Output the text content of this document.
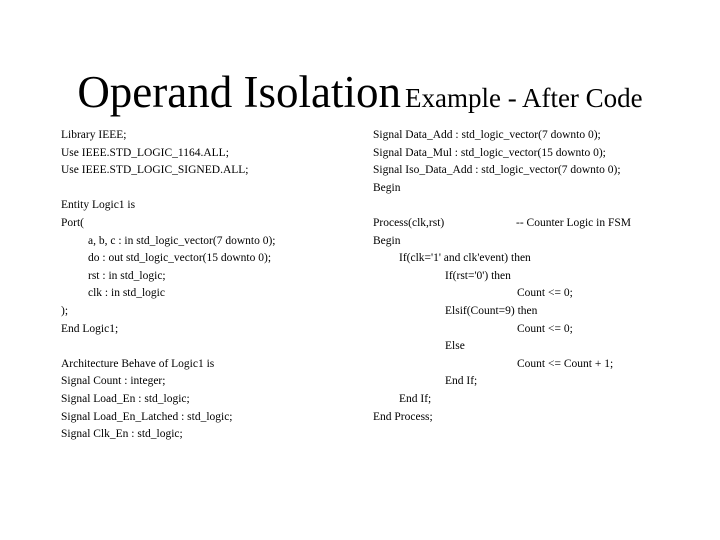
Operand Isolation Example - After Code
Library IEEE;
Use IEEE.STD_LOGIC_1164.ALL;
Use IEEE.STD_LOGIC_SIGNED.ALL;
Entity Logic1 is
Port(
a, b, c : in std_logic_vector(7 downto 0);
do : out std_logic_vector(15 downto 0);
rst : in std_logic;
clk : in std_logic
);
End Logic1;
Architecture Behave of Logic1 is
Signal Count : integer;
Signal Load_En : std_logic;
Signal Load_En_Latched : std_logic;
Signal Clk_En : std_logic;
Signal Data_Add : std_logic_vector(7 downto 0);
Signal Data_Mul : std_logic_vector(15 downto 0);
Signal Iso_Data_Add : std_logic_vector(7 downto 0);
Begin

Process(clk,rst)

	-- Counter Logic in FSM

Begin
If(clk='1' and clk'event) then
If(rst='0') then
Count <= 0;
Elsif(Count=9) then
Count <= 0;
Else
Count <= Count + 1;
End If;
End If;
End Process;
